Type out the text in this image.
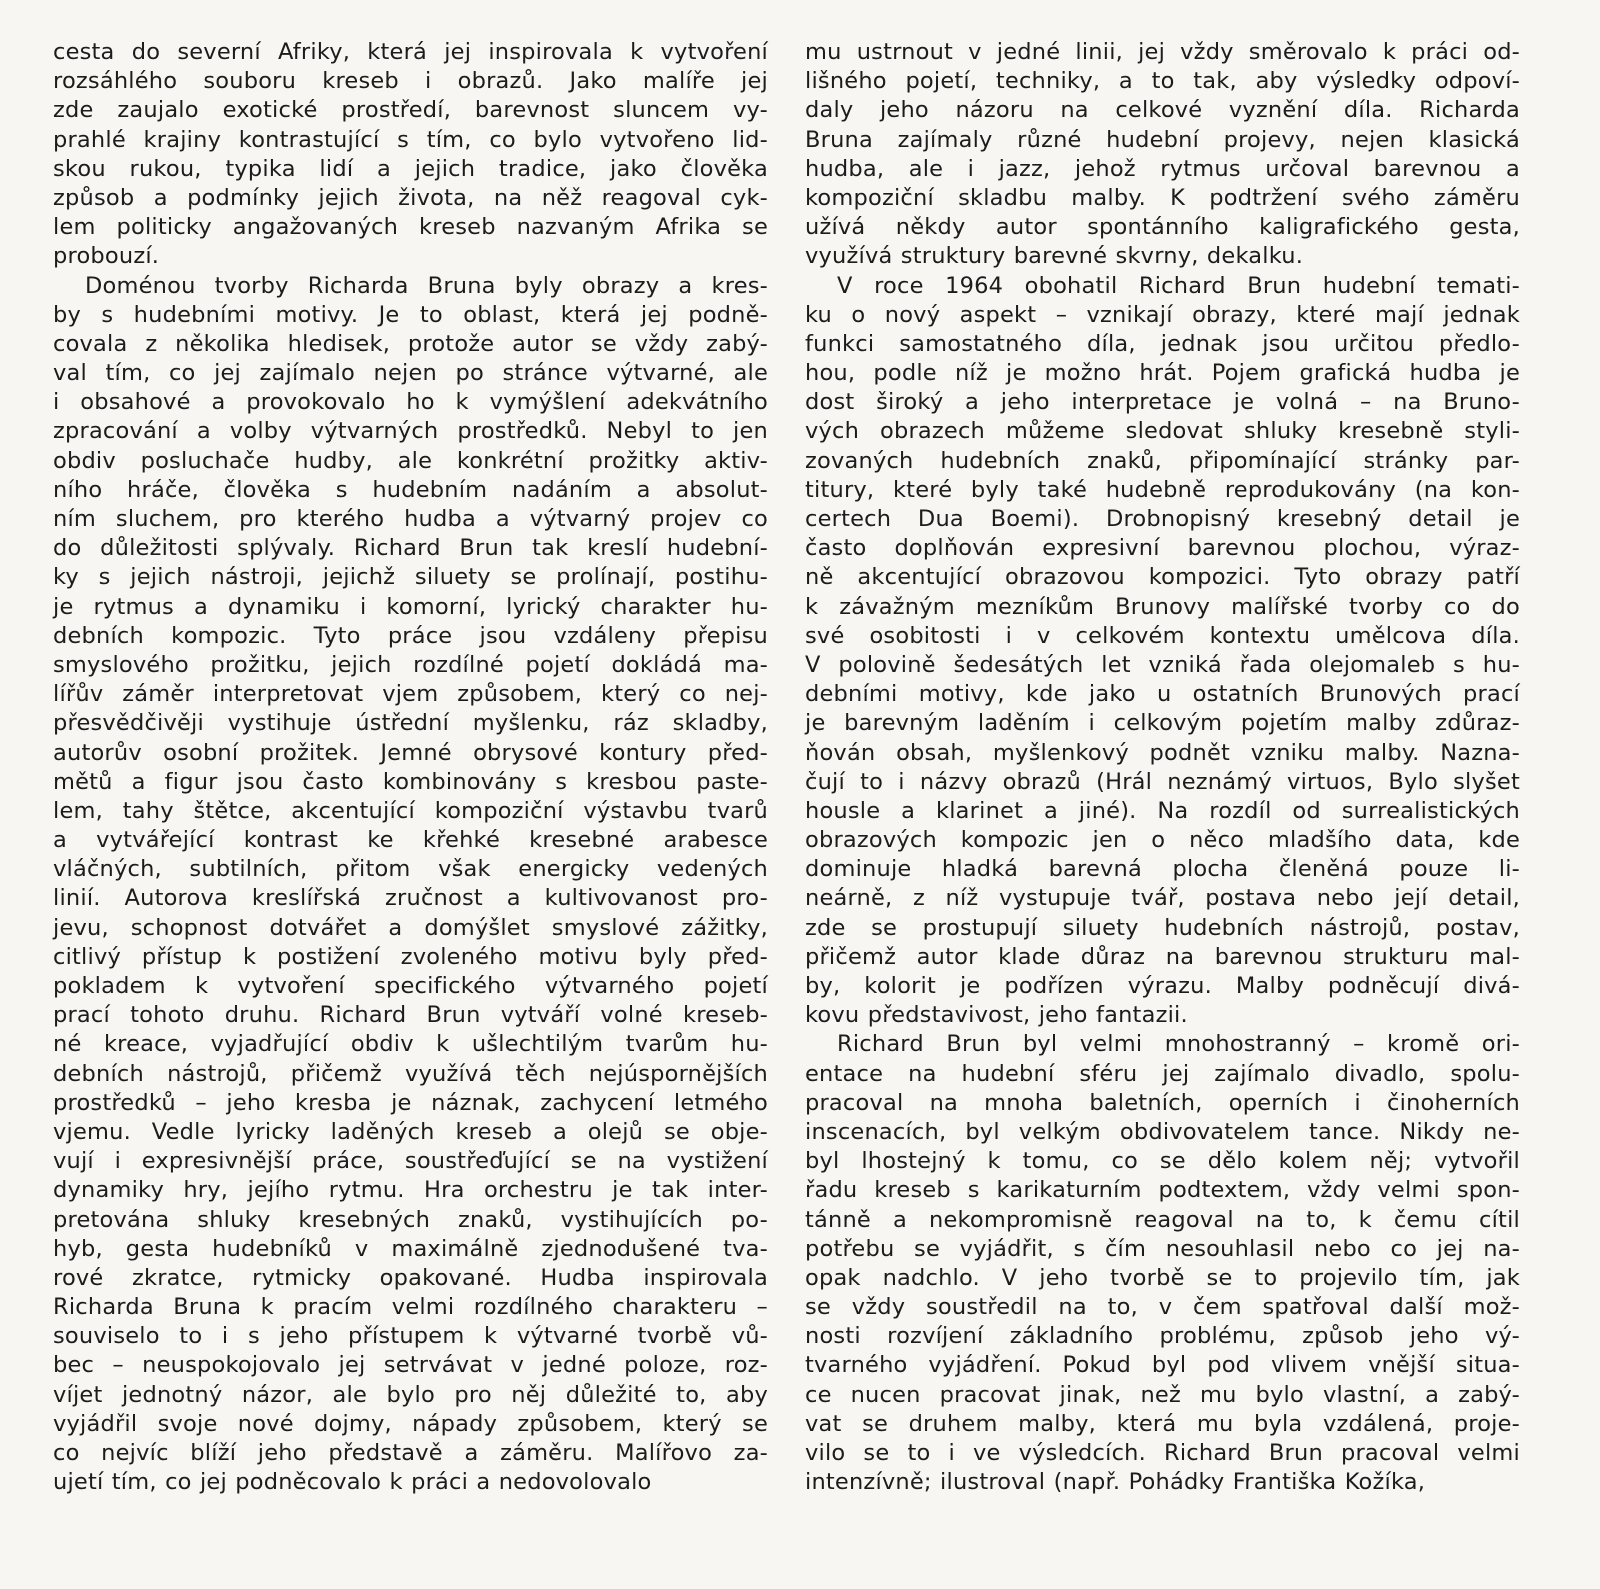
cesta do severní Afriky, která jej inspirovala k vytvoření
rozsáhlého souboru kreseb i obrazů. Jako malíře jej
zde zaujalo exotické prostředí, barevnost sluncem vy-
prahlé krajiny kontrastující s tím, co bylo vytvořeno lid-
skou rukou, typika lidí a jejich tradice, jako člověka
způsob a podmínky jejich života, na něž reagoval cyk-
lem politicky angažovaných kreseb nazvaným Afrika se
probouzí.
Doménou tvorby Richarda Bruna byly obrazy a kres-
by s hudebními motivy. Je to oblast, která jej podně-
covala z několika hledisek, protože autor se vždy zabý-
val tím, co jej zajímalo nejen po stránce výtvarné, ale
i obsahové a provokovalo ho k vymýšlení adekvátního
zpracování a volby výtvarných prostředků. Nebyl to jen
obdiv posluchače hudby, ale konkrétní prožitky aktiv-
ního hráče, člověka s hudebním nadáním a absolut-
ním sluchem, pro kterého hudba a výtvarný projev co
do důležitosti splývaly. Richard Brun tak kreslí hudební-
ky s jejich nástroji, jejichž siluety se prolínají, postihu-
je rytmus a dynamiku i komorní, lyrický charakter hu-
debních kompozic. Tyto práce jsou vzdáleny přepisu
smyslového prožitku, jejich rozdílné pojetí dokládá ma-
lířův záměr interpretovat vjem způsobem, který co nej-
přesvědčivěji vystihuje ústřední myšlenku, ráz skladby,
autorův osobní prožitek. Jemné obrysové kontury před-
mětů a figur jsou často kombinovány s kresbou paste-
lem, tahy štětce, akcentující kompoziční výstavbu tvarů
a vytvářející kontrast ke křehké kresebné arabesce
vláčných, subtilních, přitom však energicky vedených
linií. Autorova kreslířská zručnost a kultivovanost pro-
jevu, schopnost dotvářet a domýšlet smyslové zážitky,
citlivý přístup k postižení zvoleného motivu byly před-
pokladem k vytvoření specifického výtvarného pojetí
prací tohoto druhu. Richard Brun vytváří volné kreseb-
né kreace, vyjadřující obdiv k ušlechtilým tvarům hu-
debních nástrojů, přičemž využívá těch nejúspornějších
prostředků – jeho kresba je náznak, zachycení letmého
vjemu. Vedle lyricky laděných kreseb a olejů se obje-
vují i expresivnější práce, soustřeďující se na vystižení
dynamiky hry, jejího rytmu. Hra orchestru je tak inter-
pretována shluky kresebných znaků, vystihujících po-
hyb, gesta hudebníků v maximálně zjednodušené tva-
rové zkratce, rytmicky opakované. Hudba inspirovala
Richarda Bruna k pracím velmi rozdílného charakteru –
souviselo to i s jeho přístupem k výtvarné tvorbě vů-
bec – neuspokojovalo jej setrvávat v jedné poloze, roz-
víjet jednotný názor, ale bylo pro něj důležité to, aby
vyjádřil svoje nové dojmy, nápady způsobem, který se
co nejvíc blíží jeho představě a záměru. Malířovo za-
ujetí tím, co jej podněcovalo k práci a nedovolovalo
mu ustrnout v jedné linii, jej vždy směrovalo k práci od-
lišného pojetí, techniky, a to tak, aby výsledky odpoví-
daly jeho názoru na celkové vyznění díla. Richarda
Bruna zajímaly různé hudební projevy, nejen klasická
hudba, ale i jazz, jehož rytmus určoval barevnou a
kompoziční skladbu malby. K podtržení svého záměru
užívá někdy autor spontánního kaligrafického gesta,
využívá struktury barevné skvrny, dekalku.
V roce 1964 obohatil Richard Brun hudební temati-
ku o nový aspekt – vznikají obrazy, které mají jednak
funkci samostatného díla, jednak jsou určitou předlo-
hou, podle níž je možno hrát. Pojem grafická hudba je
dost široký a jeho interpretace je volná – na Bruno-
vých obrazech můžeme sledovat shluky kresebně styli-
zovaných hudebních znaků, připomínající stránky par-
titury, které byly také hudebně reprodukovány (na kon-
certech Dua Boemi). Drobnopisný kresebný detail je
často doplňován expresivní barevnou plochou, výraz-
ně akcentující obrazovou kompozici. Tyto obrazy patří
k závažným mezníkům Brunovy malířské tvorby co do
své osobitosti i v celkovém kontextu umělcova díla.
V polovině šedesátých let vzniká řada olejomaleb s hu-
debními motivy, kde jako u ostatních Brunových prací
je barevným laděním i celkovým pojetím malby zdůraz-
ňován obsah, myšlenkový podnět vzniku malby. Nazna-
čují to i názvy obrazů (Hrál neznámý virtuos, Bylo slyšet
housle a klarinet a jiné). Na rozdíl od surrealistických
obrazových kompozic jen o něco mladšího data, kde
dominuje hladká barevná plocha členěná pouze li-
neárně, z níž vystupuje tvář, postava nebo její detail,
zde se prostupují siluety hudebních nástrojů, postav,
přičemž autor klade důraz na barevnou strukturu mal-
by, kolorit je podřízen výrazu. Malby podněcují divá-
kovu představivost, jeho fantazii.
Richard Brun byl velmi mnohostranný – kromě ori-
entace na hudební sféru jej zajímalo divadlo, spolu-
pracoval na mnoha baletních, operních i činoherních
inscenacích, byl velkým obdivovatelem tance. Nikdy ne-
byl lhostejný k tomu, co se dělo kolem něj; vytvořil
řadu kreseb s karikaturním podtextem, vždy velmi spon-
tánně a nekompromisně reagoval na to, k čemu cítil
potřebu se vyjádřit, s čím nesouhlasil nebo co jej na-
opak nadchlo. V jeho tvorbě se to projevilo tím, jak
se vždy soustředil na to, v čem spatřoval další mož-
nosti rozvíjení základního problému, způsob jeho vý-
tvarného vyjádření. Pokud byl pod vlivem vnější situa-
ce nucen pracovat jinak, než mu bylo vlastní, a zabý-
vat se druhem malby, která mu byla vzdálená, proje-
vilo se to i ve výsledcích. Richard Brun pracoval velmi
intenzívně; ilustroval (např. Pohádky Františka Kožíka,
